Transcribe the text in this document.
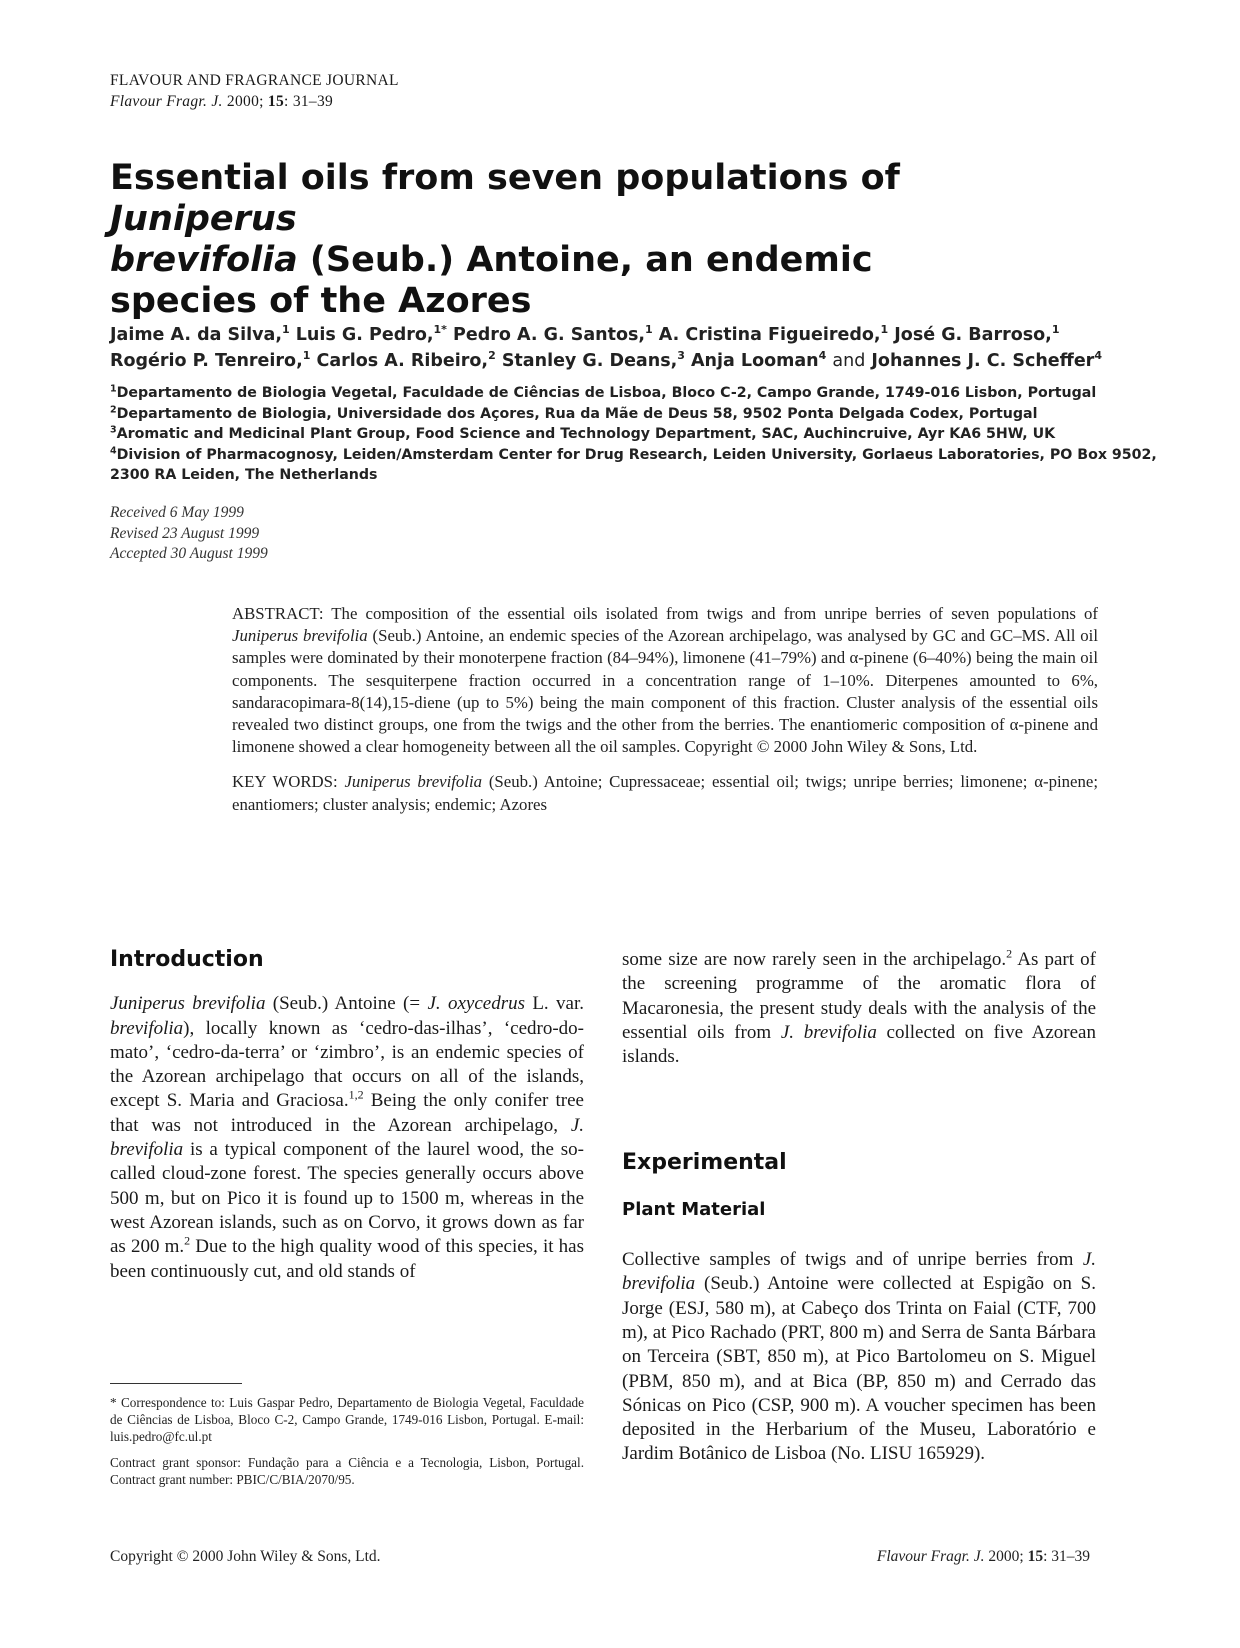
FLAVOUR AND FRAGRANCE JOURNAL
Flavour Fragr. J. 2000; 15: 31–39
Essential oils from seven populations of Juniperus
brevifolia (Seub.) Antoine, an endemic
species of the Azores
Jaime A. da Silva,$^1$ Luis G. Pedro,$^{1*}$ Pedro A. G. Santos,$^1$ A. Cristina Figueiredo,$^1$ José G. Barroso,$^1$
Rogério P. Tenreiro,$^1$ Carlos A. Ribeiro,$^2$ Stanley G. Deans,$^3$ Anja Looman$^4$ and Johannes J. C. Scheffer$^4$
$^1$Departamento de Biologia Vegetal, Faculdade de Ciências de Lisboa, Bloco C-2, Campo Grande, 1749-016 Lisbon, Portugal
$^2$Departamento de Biologia, Universidade dos Açores, Rua da Mãe de Deus 58, 9502 Ponta Delgada Codex, Portugal
$^3$Aromatic and Medicinal Plant Group, Food Science and Technology Department, SAC, Auchincruive, Ayr KA6 5HW, UK
$^4$Division of Pharmacognosy, Leiden/Amsterdam Center for Drug Research, Leiden University, Gorlaeus Laboratories, PO Box 9502,
2300 RA Leiden, The Netherlands
Received 6 May 1999
Revised 23 August 1999
Accepted 30 August 1999

ABSTRACT: The composition of the essential oils isolated from twigs and from unripe berries of seven populations of Juniperus brevifolia (Seub.) Antoine, an endemic species of the Azorean archipelago, was analysed by GC and GC–MS. All oil samples were dominated by their monoterpene fraction (84–94%), limonene (41–79%) and α-pinene (6–40%) being the main oil components. The sesquiterpene fraction occurred in a concentration range of 1–10%. Diterpenes amounted to 6%, sandaracopimara-8(14),15-diene (up to 5%) being the main component of this fraction. Cluster analysis of the essential oils revealed two distinct groups, one from the twigs and the other from the berries. The enantiomeric composition of α-pinene and limonene showed a clear homogeneity between all the oil samples. Copyright © 2000 John Wiley & Sons, Ltd.

KEY WORDS: Juniperus brevifolia (Seub.) Antoine; Cupressaceae; essential oil; twigs; unripe berries; limonene; α-pinene; enantiomers; cluster analysis; endemic; Azores

Introduction

Juniperus brevifolia (Seub.) Antoine (= J. oxycedrus L. var. brevifolia), locally known as ‘cedro-das-ilhas’, ‘cedro-do-mato’, ‘cedro-da-terra’ or ‘zimbro’, is an endemic species of the Azorean archipelago that occurs on all of the islands, except S. Maria and Graciosa.$^{1,2}$ Being the only conifer tree that was not introduced in the Azorean archipelago, J. brevifolia is a typical component of the laurel wood, the so-called cloud-zone forest. The species generally occurs above 500 m, but on Pico it is found up to 1500 m, whereas in the west Azorean islands, such as on Corvo, it grows down as far as 200 m.$^2$ Due to the high quality wood of this species, it has been continuously cut, and old stands of

* Correspondence to: Luis Gaspar Pedro, Departamento de Biologia Vegetal, Faculdade de Ciências de Lisboa, Bloco C-2, Campo Grande, 1749-016 Lisbon, Portugal. E-mail: luis.pedro@fc.ul.pt

Contract grant sponsor: Fundação para a Ciência e a Tecnologia, Lisbon, Portugal. Contract grant number: PBIC/C/BIA/2070/95.

some size are now rarely seen in the archipelago.$^2$ As part of the screening programme of the aromatic flora of Macaronesia, the present study deals with the analysis of the essential oils from J. brevifolia collected on five Azorean islands.

Experimental
Plant Material

Collective samples of twigs and of unripe berries from J. brevifolia (Seub.) Antoine were collected at Espigão on S. Jorge (ESJ, 580 m), at Cabeço dos Trinta on Faial (CTF, 700 m), at Pico Rachado (PRT, 800 m) and Serra de Santa Bárbara on Terceira (SBT, 850 m), at Pico Bartolomeu on S. Miguel (PBM, 850 m), and at Bica (BP, 850 m) and Cerrado das Sónicas on Pico (CSP, 900 m). A voucher specimen has been deposited in the Herbarium of the Museu, Laboratório e Jardim Botânico de Lisboa (No. LISU 165929).

Copyright © 2000 John Wiley & Sons, Ltd.	Flavour Fragr. J. 2000; 15: 31–39
